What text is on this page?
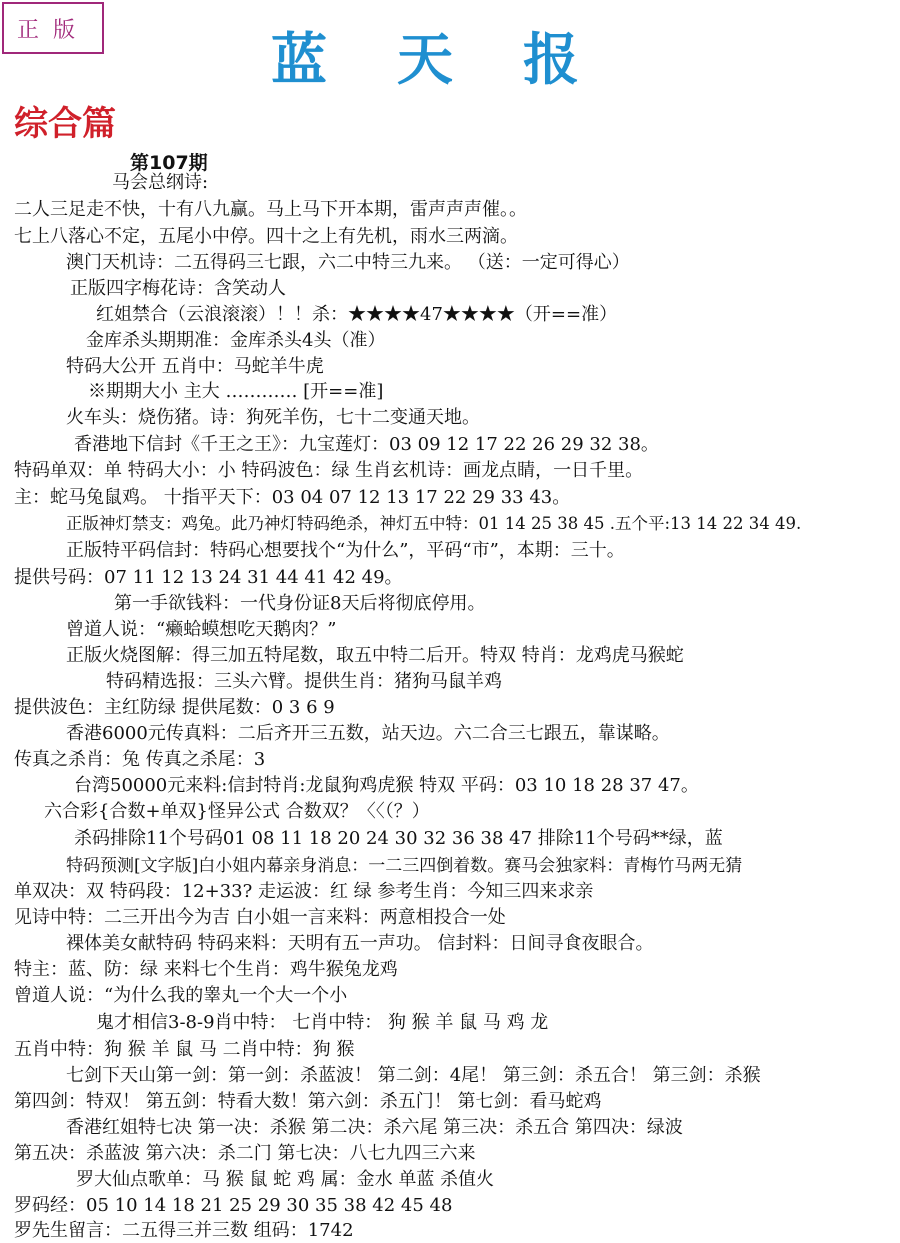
正版	蓝天报
综合篇
第107期
马会总纲诗:
二人三足走不快，十有八九赢。马上马下开本期，雷声声声催。。
七上八落心不定，五尾小中停。四十之上有先机，雨水三两滴。
澳门天机诗：二五得码三七跟，六二中特三九来。 （送：一定可得心）
正版四字梅花诗：含笑动人
红姐禁合（云浪滚滚）！！杀：★★★★47★★★★（开==准）
金库杀头期期准：金库杀头4头（准）
特码大公开 五肖中：马蛇羊牛虎
※期期大小 主大 ………… [开==准]
火车头：烧伤猪。诗：狗死羊伤，七十二变通天地。
香港地下信封《千王之王》：九宝莲灯：03 09 12 17 22 26 29 32 38。
特码单双：单 特码大小：小 特码波色：绿 生肖玄机诗：画龙点睛，一日千里。
主：蛇马兔鼠鸡。 十指平天下：03 04 07 12 13 17 22 29 33 43。
正版神灯禁支：鸡兔。此乃神灯特码绝杀，神灯五中特：01 14 25 38 45 .五个平:13 14 22 34 49.
正版特平码信封：特码心想要找个“为什么”，平码“市”，本期：三十。
提供号码：07 11 12 13 24 31 44 41 42 49。
第一手欲钱料：一代身份证8天后将彻底停用。
曾道人说：“癞蛤蟆想吃天鹅肉？”
正版火烧图解：得三加五特尾数，取五中特二后开。特双 特肖：龙鸡虎马猴蛇
特码精选报：三头六臂。提供生肖：猪狗马鼠羊鸡
提供波色：主红防绿 提供尾数：0 3 6 9
香港6000元传真料：二后齐开三五数，站天边。六二合三七跟五，靠谋略。
传真之杀肖：兔 传真之杀尾：3
台湾50000元来料:信封特肖:龙鼠狗鸡虎猴 特双 平码：03 10 18 28 37 47。
六合彩{合数+单双}怪异公式 合数双？〈〈（？）
杀码排除11个号码01 08 11 18 20 24 30 32 36 38 47 排除11个号码**绿，蓝
特码预测[文字版]白小姐内幕亲身消息：一二三四倒着数。赛马会独家料：青梅竹马两无猜
单双决：双 特码段：12+33? 走运波：红 绿 参考生肖：今知三四来求亲
见诗中特：二三开出今为吉 白小姐一言来料：两意相投合一处
裸体美女献特码 特码来料：天明有五一声功。 信封料：日间寻食夜眼合。
特主：蓝、防：绿 来料七个生肖：鸡牛猴兔龙鸡
曾道人说：“为什么我的睾丸一个大一个小
鬼才相信3-8-9肖中特： 七肖中特： 狗 猴 羊 鼠 马 鸡 龙
五肖中特：狗 猴 羊 鼠 马 二肖中特：狗 猴
七剑下天山第一剑：第一剑：杀蓝波！ 第二剑：4尾！ 第三剑：杀五合！ 第三剑：杀猴
第四剑：特双！ 第五剑：特看大数！第六剑：杀五门！ 第七剑：看马蛇鸡
香港红姐特七决 第一决：杀猴 第二决：杀六尾 第三决：杀五合 第四决：绿波
第五决：杀蓝波 第六决：杀二门 第七决：八七九四三六来
罗大仙点歌单：马 猴 鼠 蛇 鸡 属：金水 单蓝 杀值火
罗码经：05 10 14 18 21 25 29 30 35 38 42 45 48
罗先生留言：二五得三并三数 组码：1742
